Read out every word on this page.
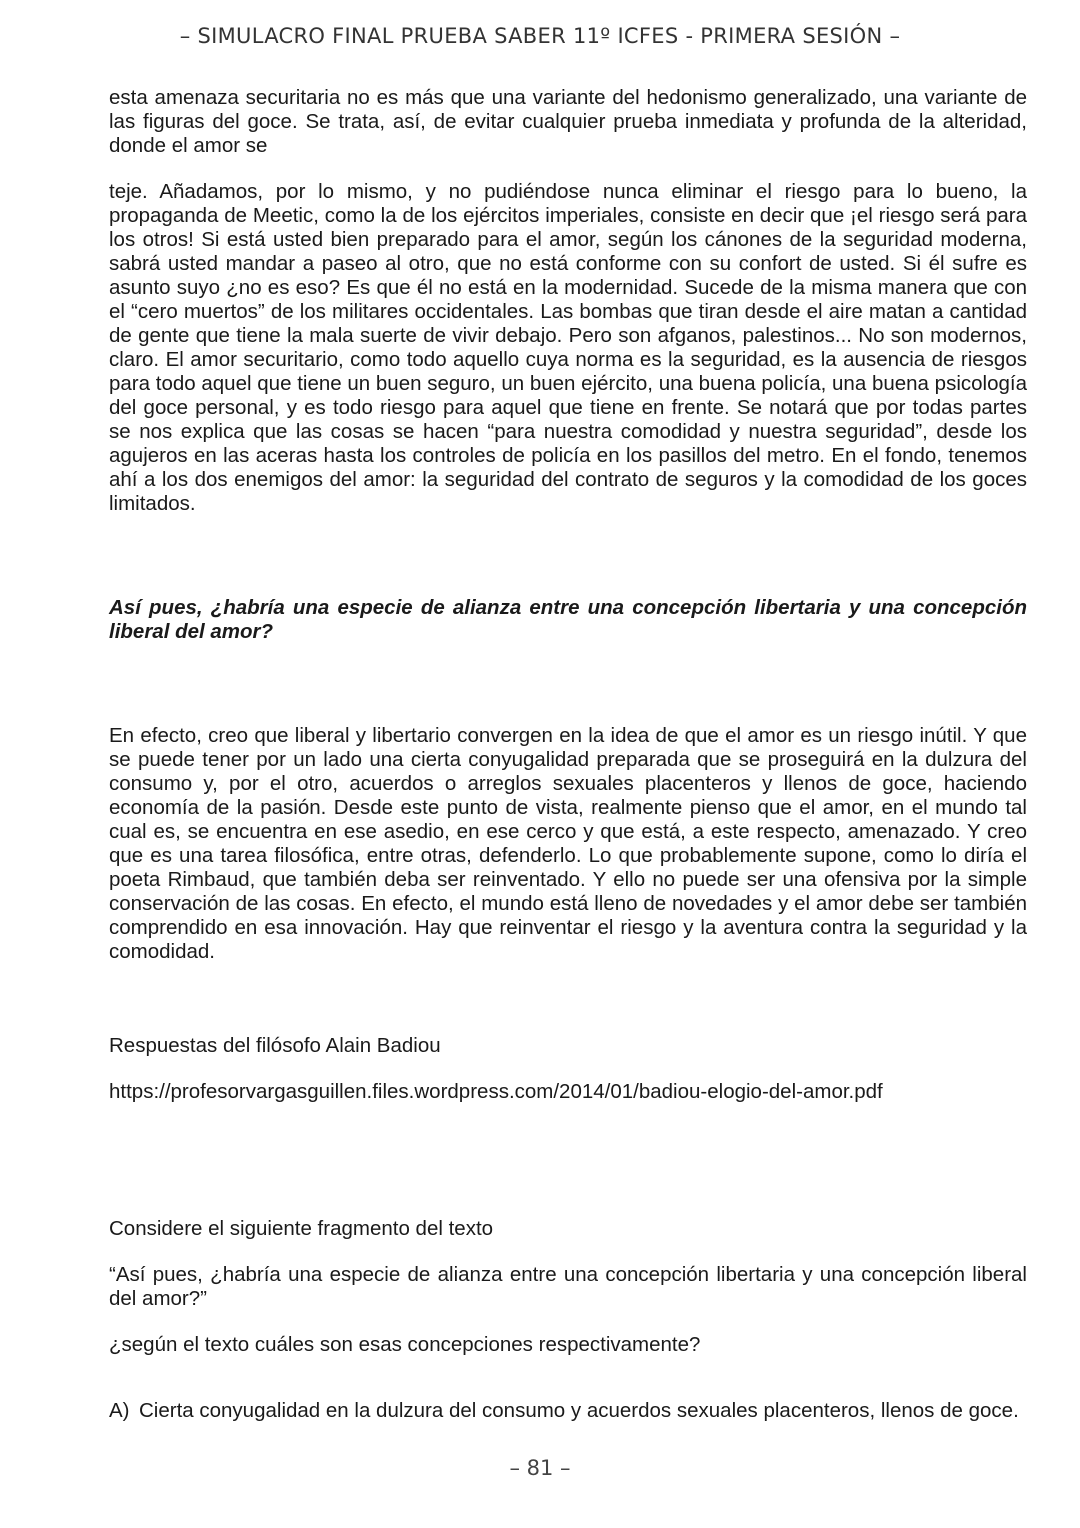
– SIMULACRO FINAL PRUEBA SABER 11º ICFES - PRIMERA SESIÓN –

esta amenaza securitaria no es más que una variante del hedonismo generalizado, una variante de las figuras del goce. Se trata, así, de evitar cualquier prueba inmediata y profunda de la alteridad, donde el amor se

teje. Añadamos, por lo mismo, y no pudiéndose nunca eliminar el riesgo para lo bueno, la propaganda de Meetic, como la de los ejércitos imperiales, consiste en decir que ¡el riesgo será para los otros! Si está usted bien preparado para el amor, según los cánones de la seguridad moderna, sabrá usted mandar a paseo al otro, que no está conforme con su confort de usted. Si él sufre es asunto suyo ¿no es eso? Es que él no está en la modernidad. Sucede de la misma manera que con el “cero muertos” de los militares occidentales. Las bombas que tiran desde el aire matan a cantidad de gente que tiene la mala suerte de vivir debajo. Pero son afganos, palestinos... No son modernos, claro. El amor securitario, como todo aquello cuya norma es la seguridad, es la ausencia de riesgos para todo aquel que tiene un buen seguro, un buen ejército, una buena policía, una buena psicología del goce personal, y es todo riesgo para aquel que tiene en frente. Se notará que por todas partes se nos explica que las cosas se hacen “para nuestra comodidad y nuestra seguridad”, desde los agujeros en las aceras hasta los controles de policía en los pasillos del metro. En el fondo, tenemos ahí a los dos enemigos del amor: la seguridad del contrato de seguros y la comodidad de los goces limitados.

Así pues, ¿habría una especie de alianza entre una concepción libertaria y una concepción liberal del amor?

En efecto, creo que liberal y libertario convergen en la idea de que el amor es un riesgo inútil. Y que se puede tener por un lado una cierta conyugalidad preparada que se proseguirá en la dulzura del consumo y, por el otro, acuerdos o arreglos sexuales placenteros y llenos de goce, haciendo economía de la pasión. Desde este punto de vista, realmente pienso que el amor, en el mundo tal cual es, se encuentra en ese asedio, en ese cerco y que está, a este respecto, amenazado. Y creo que es una tarea filosófica, entre otras, defenderlo. Lo que probablemente supone, como lo diría el poeta Rimbaud, que también deba ser reinventado. Y ello no puede ser una ofensiva por la simple conservación de las cosas. En efecto, el mundo está lleno de novedades y el amor debe ser también comprendido en esa innovación. Hay que reinventar el riesgo y la aventura contra la seguridad y la comodidad.

Respuestas del filósofo Alain Badiou

https://profesorvargasguillen.files.wordpress.com/2014/01/badiou-elogio-del-amor.pdf

Considere el siguiente fragmento del texto

“Así pues, ¿habría una especie de alianza entre una concepción libertaria y una concepción liberal del amor?”

¿según el texto cuáles son esas concepciones respectivamente?

A) Cierta conyugalidad en la dulzura del consumo y acuerdos sexuales placenteros, llenos de goce.
– 81 –
